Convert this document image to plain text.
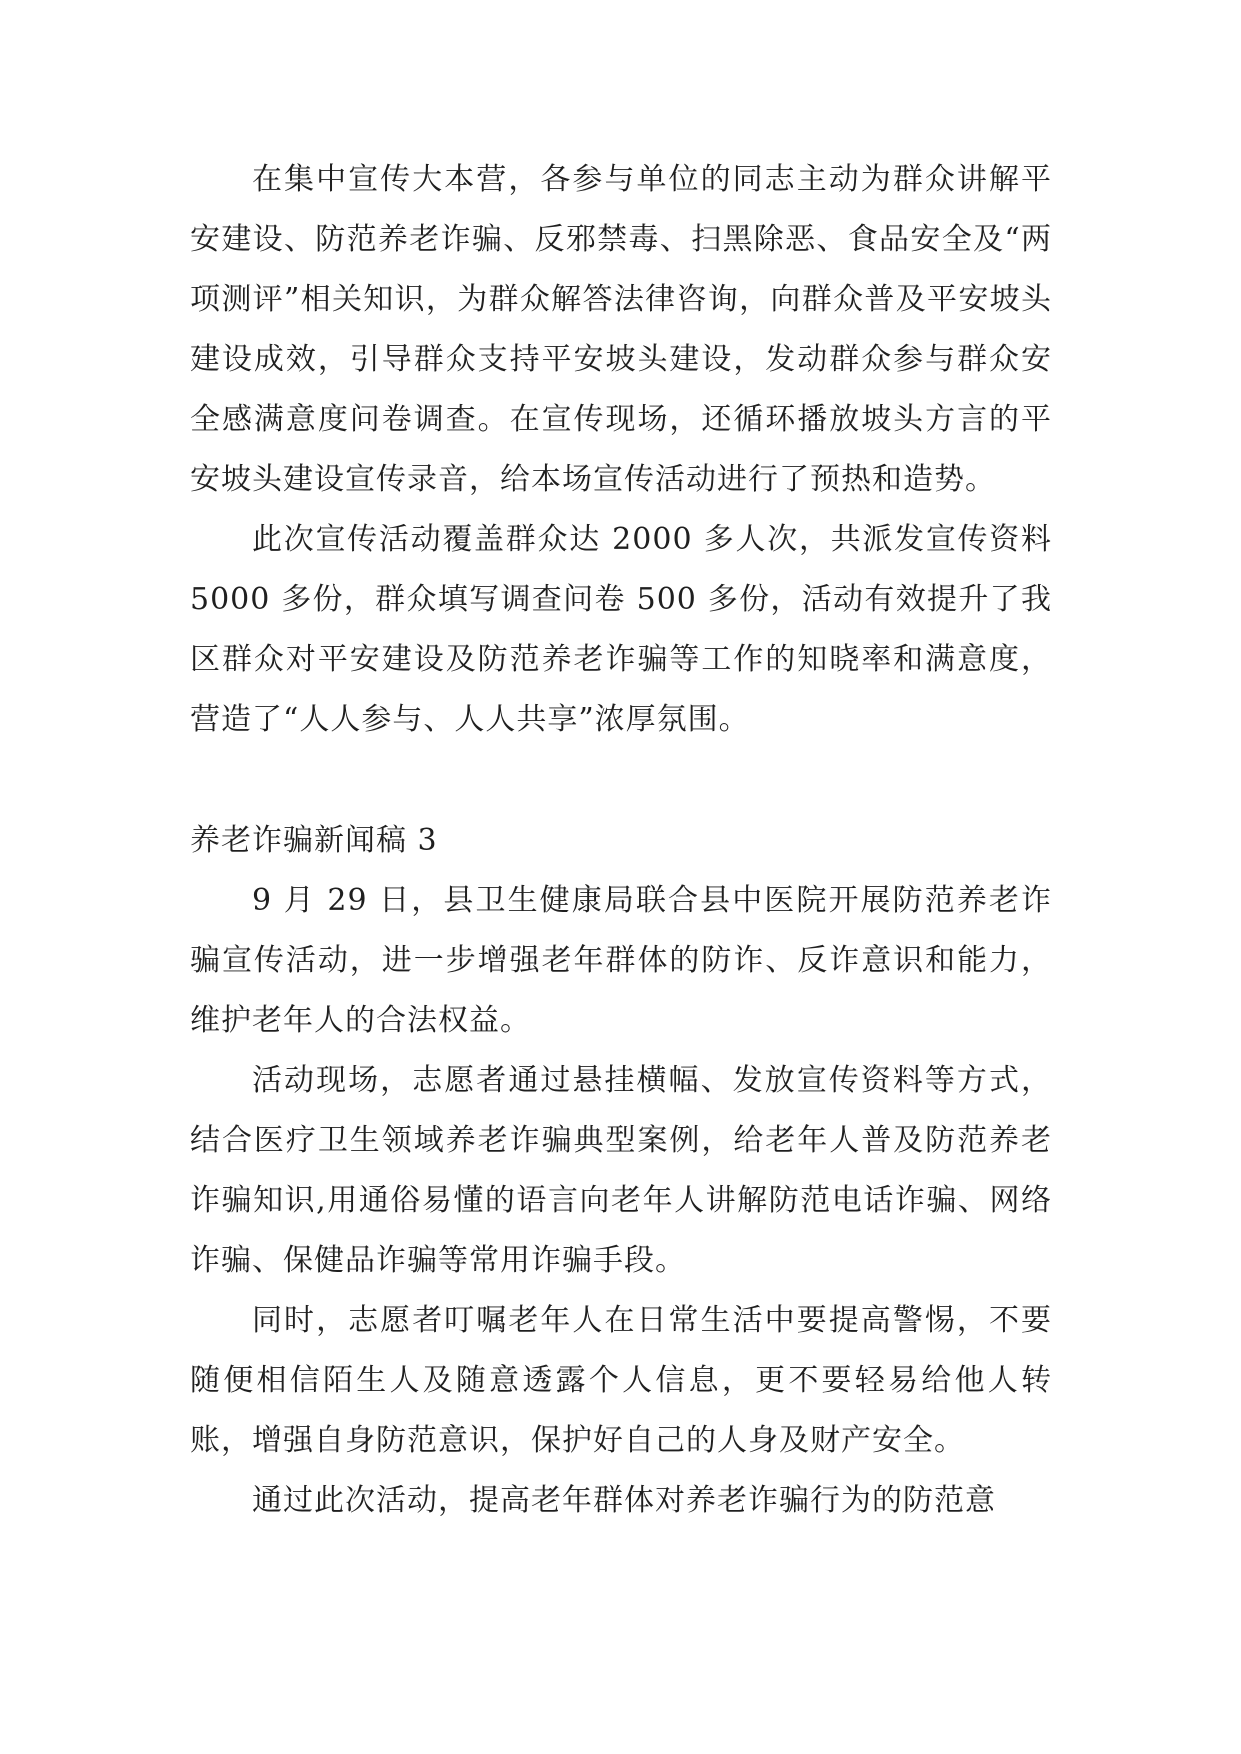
在集中宣传大本营，各参与单位的同志主动为群众讲解平安建设、防范养老诈骗、反邪禁毒、扫黑除恶、食品安全及“两项测评”相关知识，为群众解答法律咨询，向群众普及平安坡头建设成效，引导群众支持平安坡头建设，发动群众参与群众安全感满意度问卷调查。在宣传现场，还循环播放坡头方言的平安坡头建设宣传录音，给本场宣传活动进行了预热和造势。

此次宣传活动覆盖群众达 2000 多人次，共派发宣传资料 5000 多份，群众填写调查问卷 500 多份，活动有效提升了我区群众对平安建设及防范养老诈骗等工作的知晓率和满意度，营造了“人人参与、人人共享”浓厚氛围。

养老诈骗新闻稿 3

9 月 29 日，县卫生健康局联合县中医院开展防范养老诈骗宣传活动，进一步增强老年群体的防诈、反诈意识和能力，维护老年人的合法权益。

活动现场，志愿者通过悬挂横幅、发放宣传资料等方式，结合医疗卫生领域养老诈骗典型案例，给老年人普及防范养老诈骗知识,用通俗易懂的语言向老年人讲解防范电话诈骗、网络诈骗、保健品诈骗等常用诈骗手段。

同时，志愿者叮嘱老年人在日常生活中要提高警惕，不要随便相信陌生人及随意透露个人信息，更不要轻易给他人转账，增强自身防范意识，保护好自己的人身及财产安全。

通过此次活动，提高老年群体对养老诈骗行为的防范意
